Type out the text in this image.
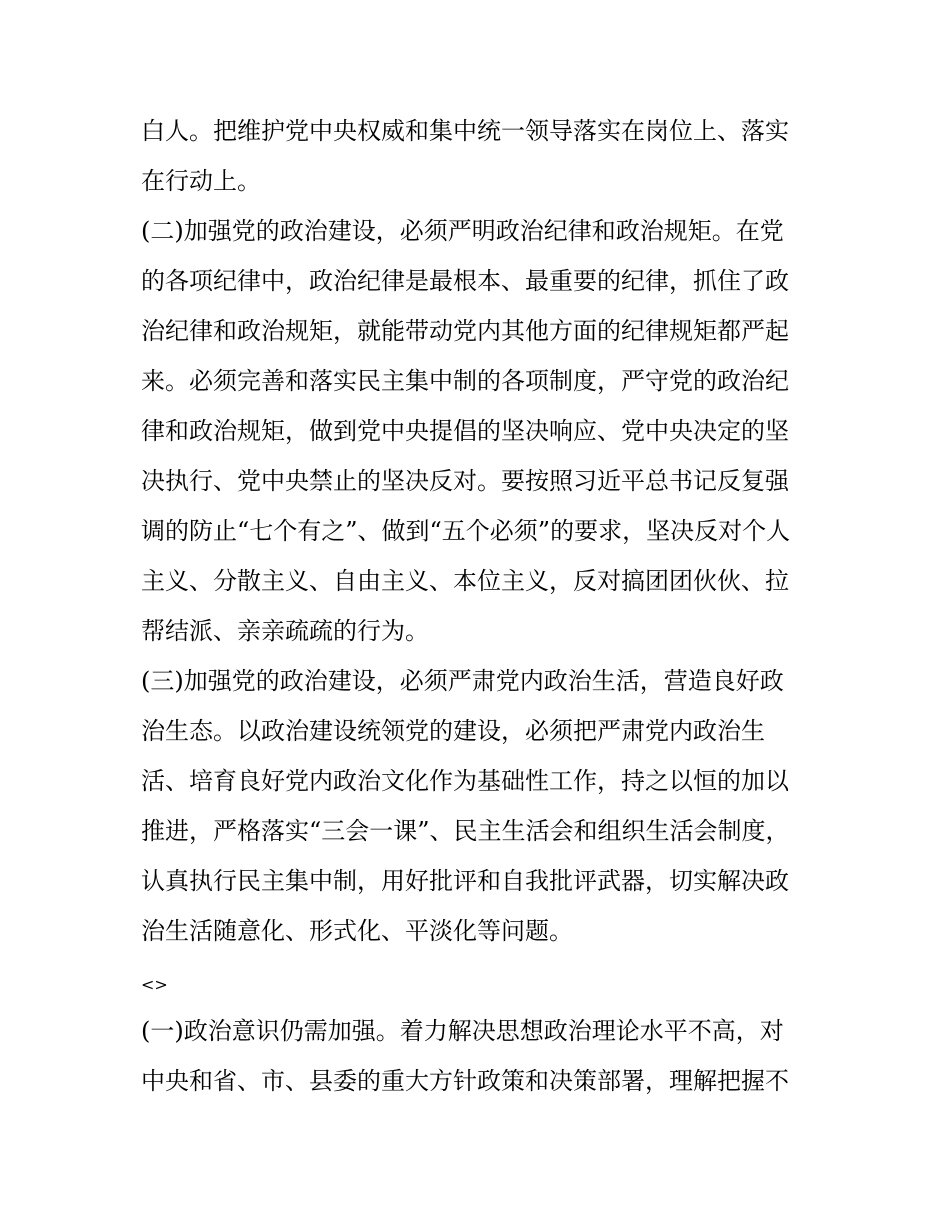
白人。把维护党中央权威和集中统一领导落实在岗位上、落实
在行动上。
(二)加强党的政治建设，必须严明政治纪律和政治规矩。在党
的各项纪律中，政治纪律是最根本、最重要的纪律，抓住了政
治纪律和政治规矩，就能带动党内其他方面的纪律规矩都严起
来。必须完善和落实民主集中制的各项制度，严守党的政治纪
律和政治规矩，做到党中央提倡的坚决响应、党中央决定的坚
决执行、党中央禁止的坚决反对。要按照习近平总书记反复强
调的防止“七个有之”、做到“五个必须”的要求，坚决反对个人
主义、分散主义、自由主义、本位主义，反对搞团团伙伙、拉
帮结派、亲亲疏疏的行为。
(三)加强党的政治建设，必须严肃党内政治生活，营造良好政
治生态。以政治建设统领党的建设，必须把严肃党内政治生
活、培育良好党内政治文化作为基础性工作，持之以恒的加以
推进，严格落实“三会一课”、民主生活会和组织生活会制度，
认真执行民主集中制，用好批评和自我批评武器，切实解决政
治生活随意化、形式化、平淡化等问题。
<>
(一)政治意识仍需加强。着力解决思想政治理论水平不高，对
中央和省、市、县委的重大方针政策和决策部署，理解把握不
